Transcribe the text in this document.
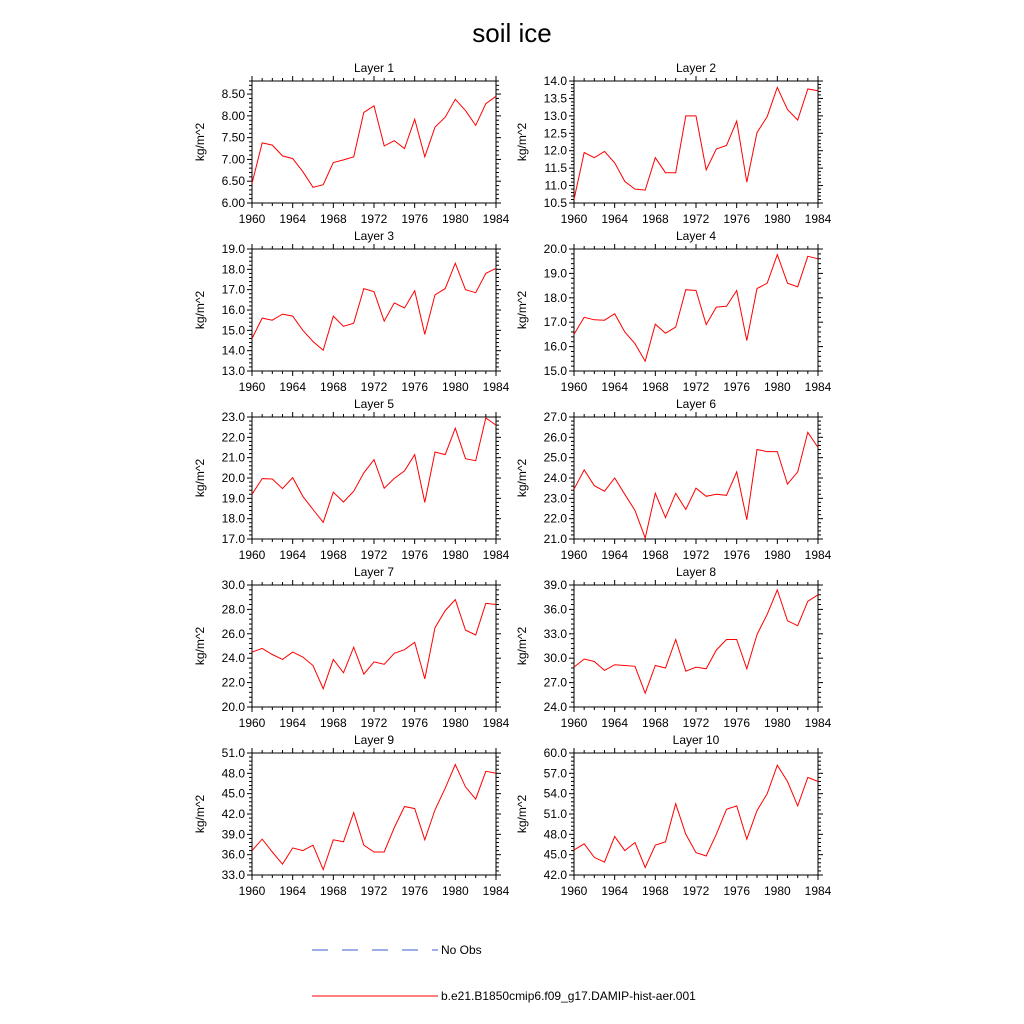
soil ice
Layer 1
1960 1964 1968 1972 1976 1980 1984
6.00
6.50
7.00
7.50
8.00
8.50
kg/m^2
Layer 2
1960 1964 1968 1972 1976 1980 1984
10.5
11.0
11.5
12.0
12.5
13.0
13.5
14.0
kg/m^2
Layer 3
1960 1964 1968 1972 1976 1980 1984
13.0
14.0
15.0
16.0
17.0
18.0
19.0
kg/m^2
Layer 4
1960 1964 1968 1972 1976 1980 1984
15.0
16.0
17.0
18.0
19.0
20.0
kg/m^2
Layer 5
1960 1964 1968 1972 1976 1980 1984
17.0
18.0
19.0
20.0
21.0
22.0
23.0
kg/m^2
Layer 6
1960 1964 1968 1972 1976 1980 1984
21.0
22.0
23.0
24.0
25.0
26.0
27.0
kg/m^2
Layer 7
1960 1964 1968 1972 1976 1980 1984
20.0
22.0
24.0
26.0
28.0
30.0
kg/m^2
Layer 8
1960 1964 1968 1972 1976 1980 1984
24.0
27.0
30.0
33.0
36.0
39.0
kg/m^2
Layer 9
1960 1964 1968 1972 1976 1980 1984
33.0
36.0
39.0
42.0
45.0
48.0
51.0
kg/m^2
Layer 10
1960 1964 1968 1972 1976 1980 1984
42.0
45.0
48.0
51.0
54.0
57.0
60.0
kg/m^2
No Obs
b.e21.B1850cmip6.f09_g17.DAMIP-hist-aer.001
